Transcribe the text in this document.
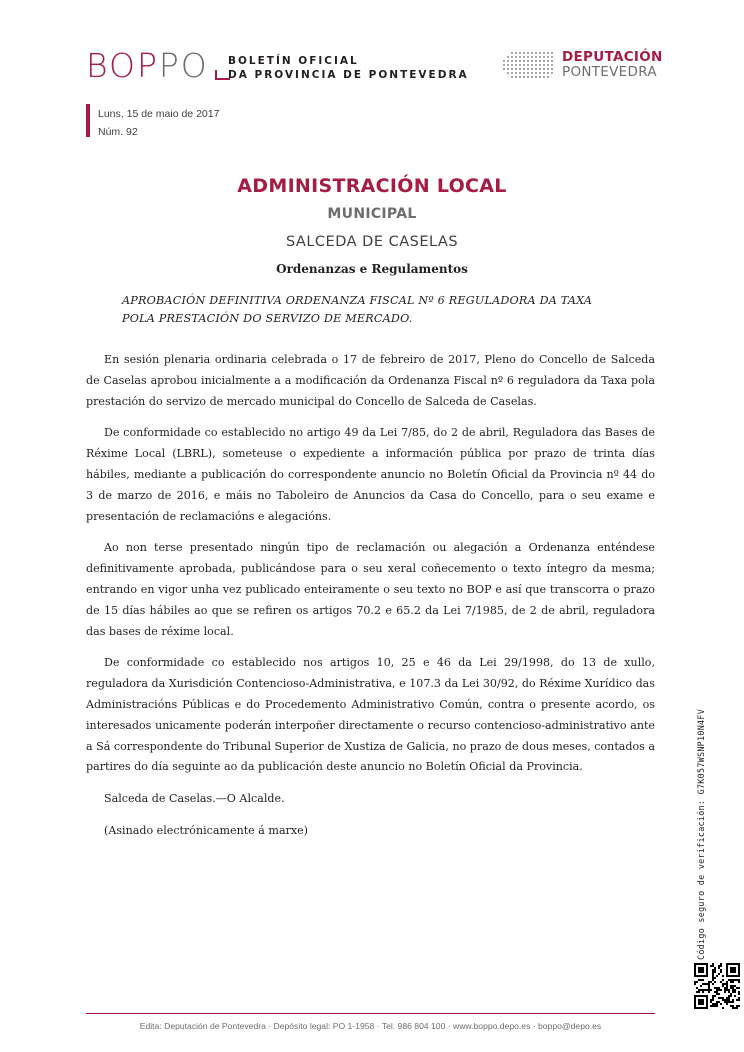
BOPPO BOLETÍN OFICIAL
DA PROVINCIA DE PONTEVEDRA
DEPUTACIÓN
PONTEVEDRA
Luns, 15 de maio de 2017
Núm. 92
ADMINISTRACIÓN LOCAL
MUNICIPAL
SALCEDA DE CASELAS
Ordenanzas e Regulamentos
APROBACIÓN DEFINITIVA ORDENANZA FISCAL Nº 6 REGULADORA DA TAXA POLA PRESTACIÓN DO SERVIZO DE MERCADO.

En sesión plenaria ordinaria celebrada o 17 de febreiro de 2017, Pleno do Concello de Salceda de Caselas aprobou inicialmente a a modificación da Ordenanza Fiscal nº 6 reguladora da Taxa pola prestación do servizo de mercado municipal do Concello de Salceda de Caselas.

De conformidade co establecido no artigo 49 da Lei 7/85, do 2 de abril, Reguladora das Bases de Réxime Local (LBRL), someteuse o expediente a información pública por prazo de trinta días hábiles, mediante a publicación do correspondente anuncio no Boletín Oficial da Provincia nº 44 do 3 de marzo de 2016, e máis no Taboleiro de Anuncios da Casa do Concello, para o seu exame e presentación de reclamacións e alegacións.

Ao non terse presentado ningún tipo de reclamación ou alegación a Ordenanza enténdese definitivamente aprobada, publicándose para o seu xeral coñecemento o texto íntegro da mesma; entrando en vigor unha vez publicado enteiramente o seu texto no BOP e así que transcorra o prazo de 15 días hábiles ao que se refiren os artigos 70.2 e 65.2 da Lei 7/1985, de 2 de abril, reguladora das bases de réxime local.

De conformidade co establecido nos artigos 10, 25 e 46 da Lei 29/1998, do 13 de xullo, reguladora da Xurisdición Contencioso-Administrativa, e 107.3 da Lei 30/92, do Réxime Xurídico das Administracións Públicas e do Procedemento Administrativo Común, contra o presente acordo, os interesados unicamente poderán interpoñer directamente o recurso contencioso-administrativo ante a Sá correspondente do Tribunal Superior de Xustiza de Galicia, no prazo de dous meses, contados a partires do día seguinte ao da publicación deste anuncio no Boletín Oficial da Provincia.

Salceda de Caselas.—O Alcalde.

(Asinado electrónicamente á marxe)	Código seguro de verificación: G7K057WSNP10N4FV
Edita: Deputación de Pontevedra · Depósito legal: PO 1-1958 · Tel. 986 804 100 · www.boppo.depo.es · boppo@depo.es
